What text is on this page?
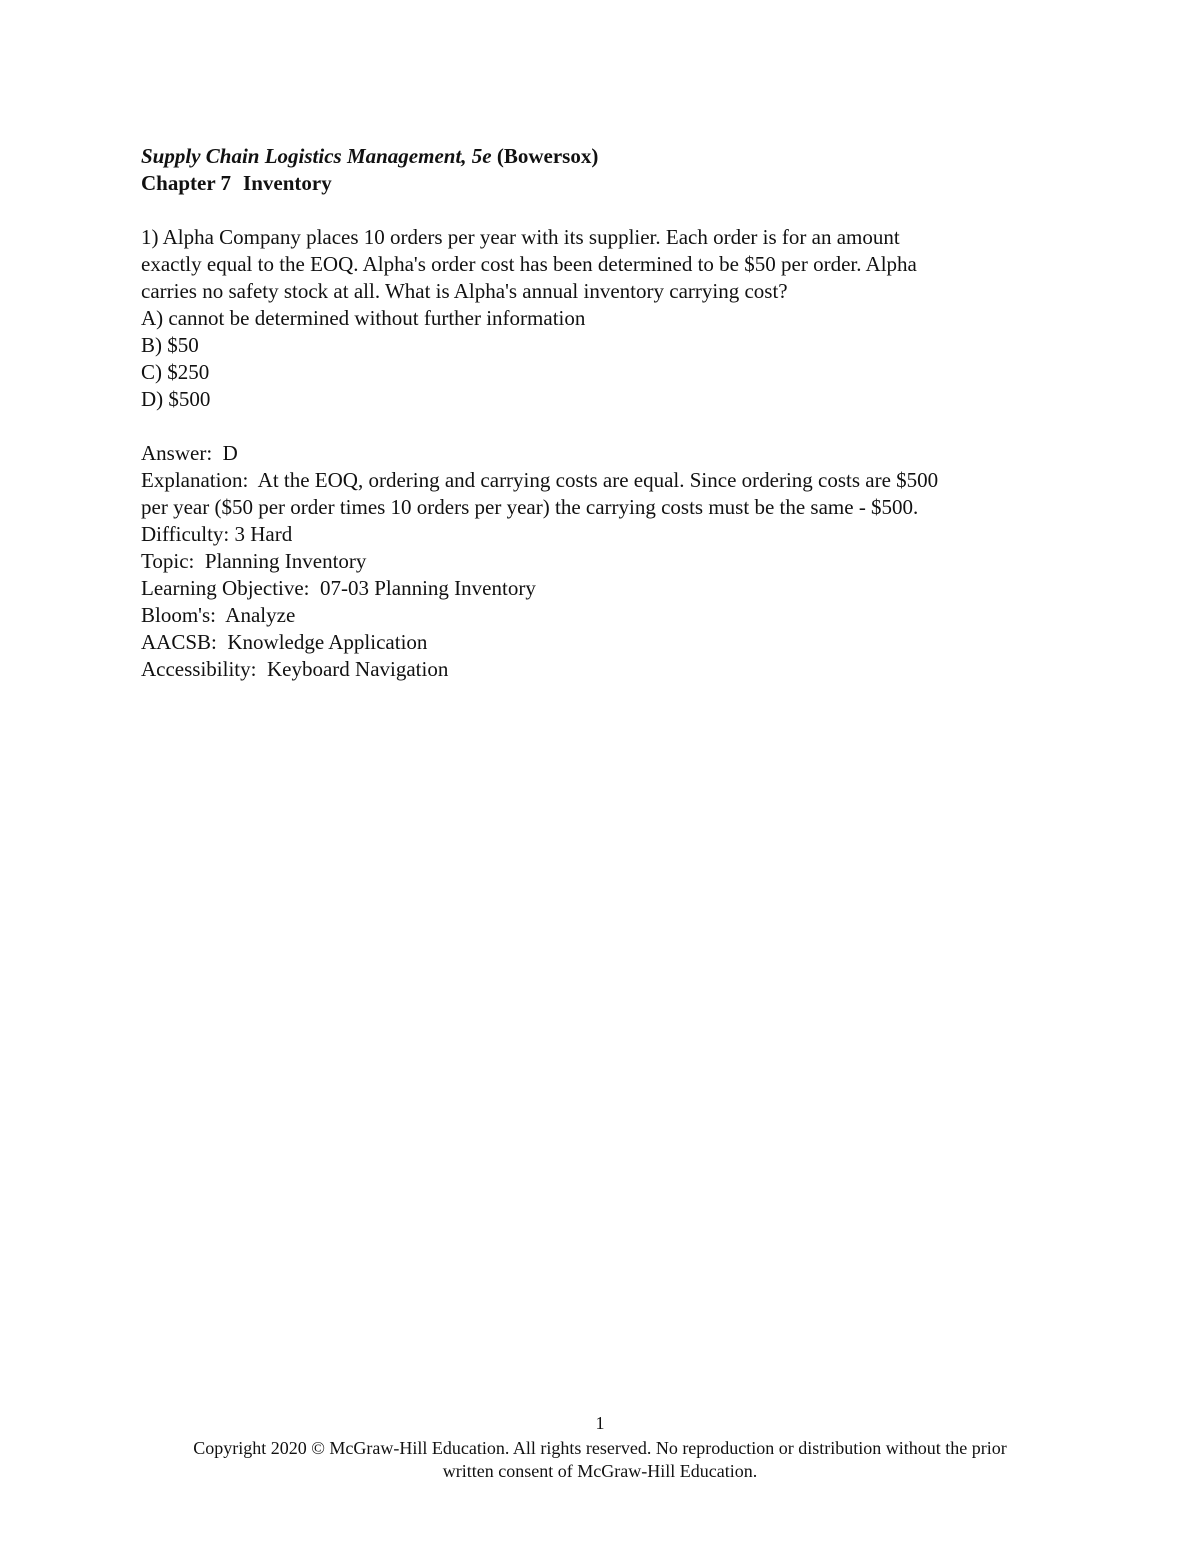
Supply Chain Logistics Management, 5e (Bowersox)
Chapter 7 Inventory
1) Alpha Company places 10 orders per year with its supplier. Each order is for an amount
exactly equal to the EOQ. Alpha's order cost has been determined to be $50 per order. Alpha
carries no safety stock at all. What is Alpha's annual inventory carrying cost?
A) cannot be determined without further information
B) $50
C) $250
D) $500
Answer:  D
Explanation:  At the EOQ, ordering and carrying costs are equal. Since ordering costs are $500
per year ($50 per order times 10 orders per year) the carrying costs must be the same - $500.
Difficulty: 3 Hard
Topic:  Planning Inventory
Learning Objective:  07-03 Planning Inventory
Bloom's:  Analyze
AACSB:  Knowledge Application
Accessibility:  Keyboard Navigation
1
Copyright 2020 © McGraw-Hill Education. All rights reserved. No reproduction or distribution without the prior
written consent of McGraw-Hill Education.
